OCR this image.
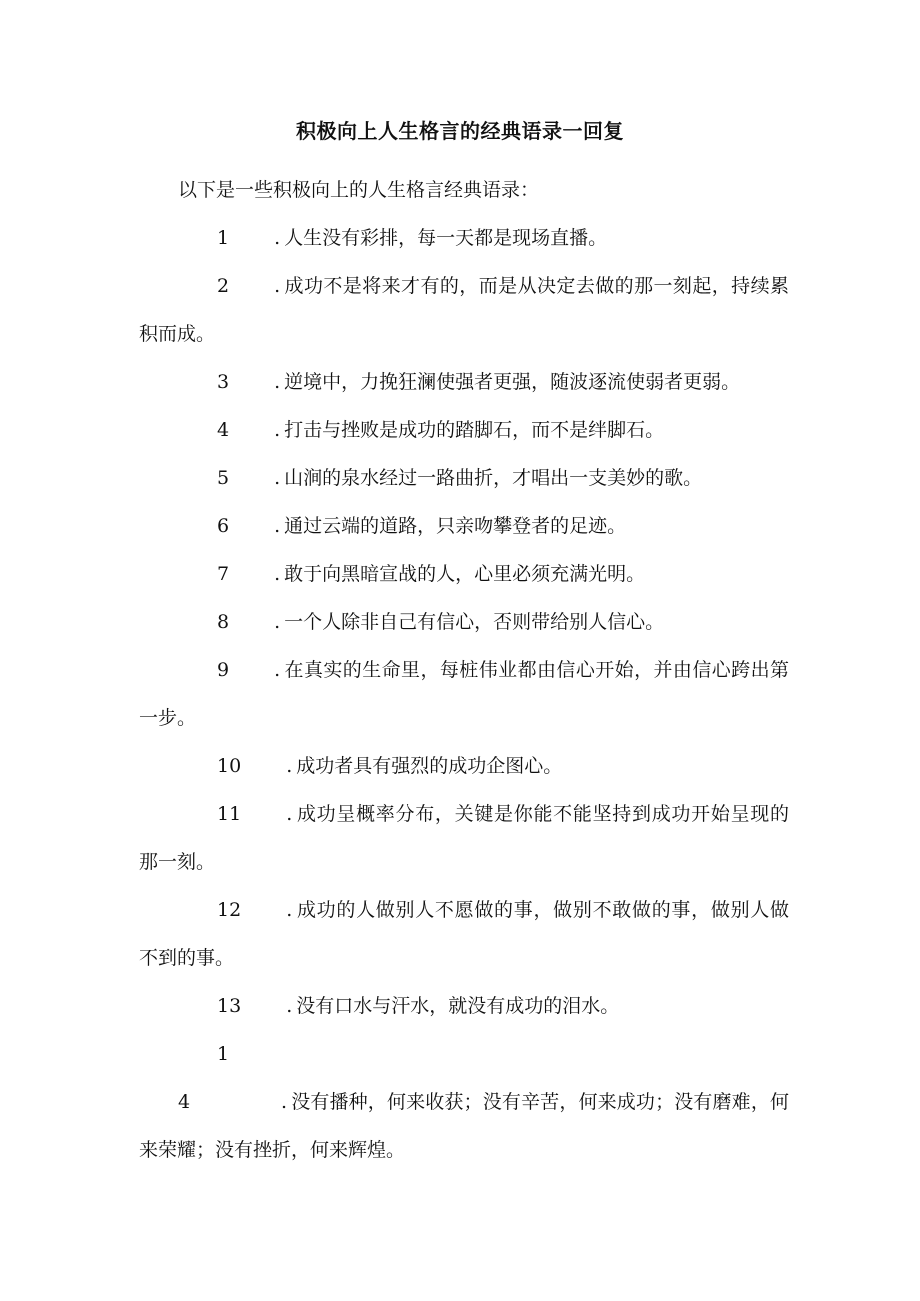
积极向上人生格言的经典语录一回复

以下是一些积极向上的人生格言经典语录：

1 . 人生没有彩排，每一天都是现场直播。

2 . 成功不是将来才有的，而是从决定去做的那一刻起，持续累积而成。

3 . 逆境中，力挽狂澜使强者更强，随波逐流使弱者更弱。

4 . 打击与挫败是成功的踏脚石，而不是绊脚石。

5 . 山涧的泉水经过一路曲折，才唱出一支美妙的歌。

6 . 通过云端的道路，只亲吻攀登者的足迹。

7 . 敢于向黑暗宣战的人，心里必须充满光明。

8 . 一个人除非自己有信心，否则带给别人信心。

9 . 在真实的生命里，每桩伟业都由信心开始，并由信心跨出第一步。

10 . 成功者具有强烈的成功企图心。

11 . 成功呈概率分布，关键是你能不能坚持到成功开始呈现的那一刻。

12 . 成功的人做别人不愿做的事，做别不敢做的事，做别人做不到的事。

13 . 没有口水与汗水，就没有成功的泪水。

14	. 没有播种，何来收获；没有辛苦，何来成功；没有磨难，何来荣耀；没有挫折，何来辉煌。
